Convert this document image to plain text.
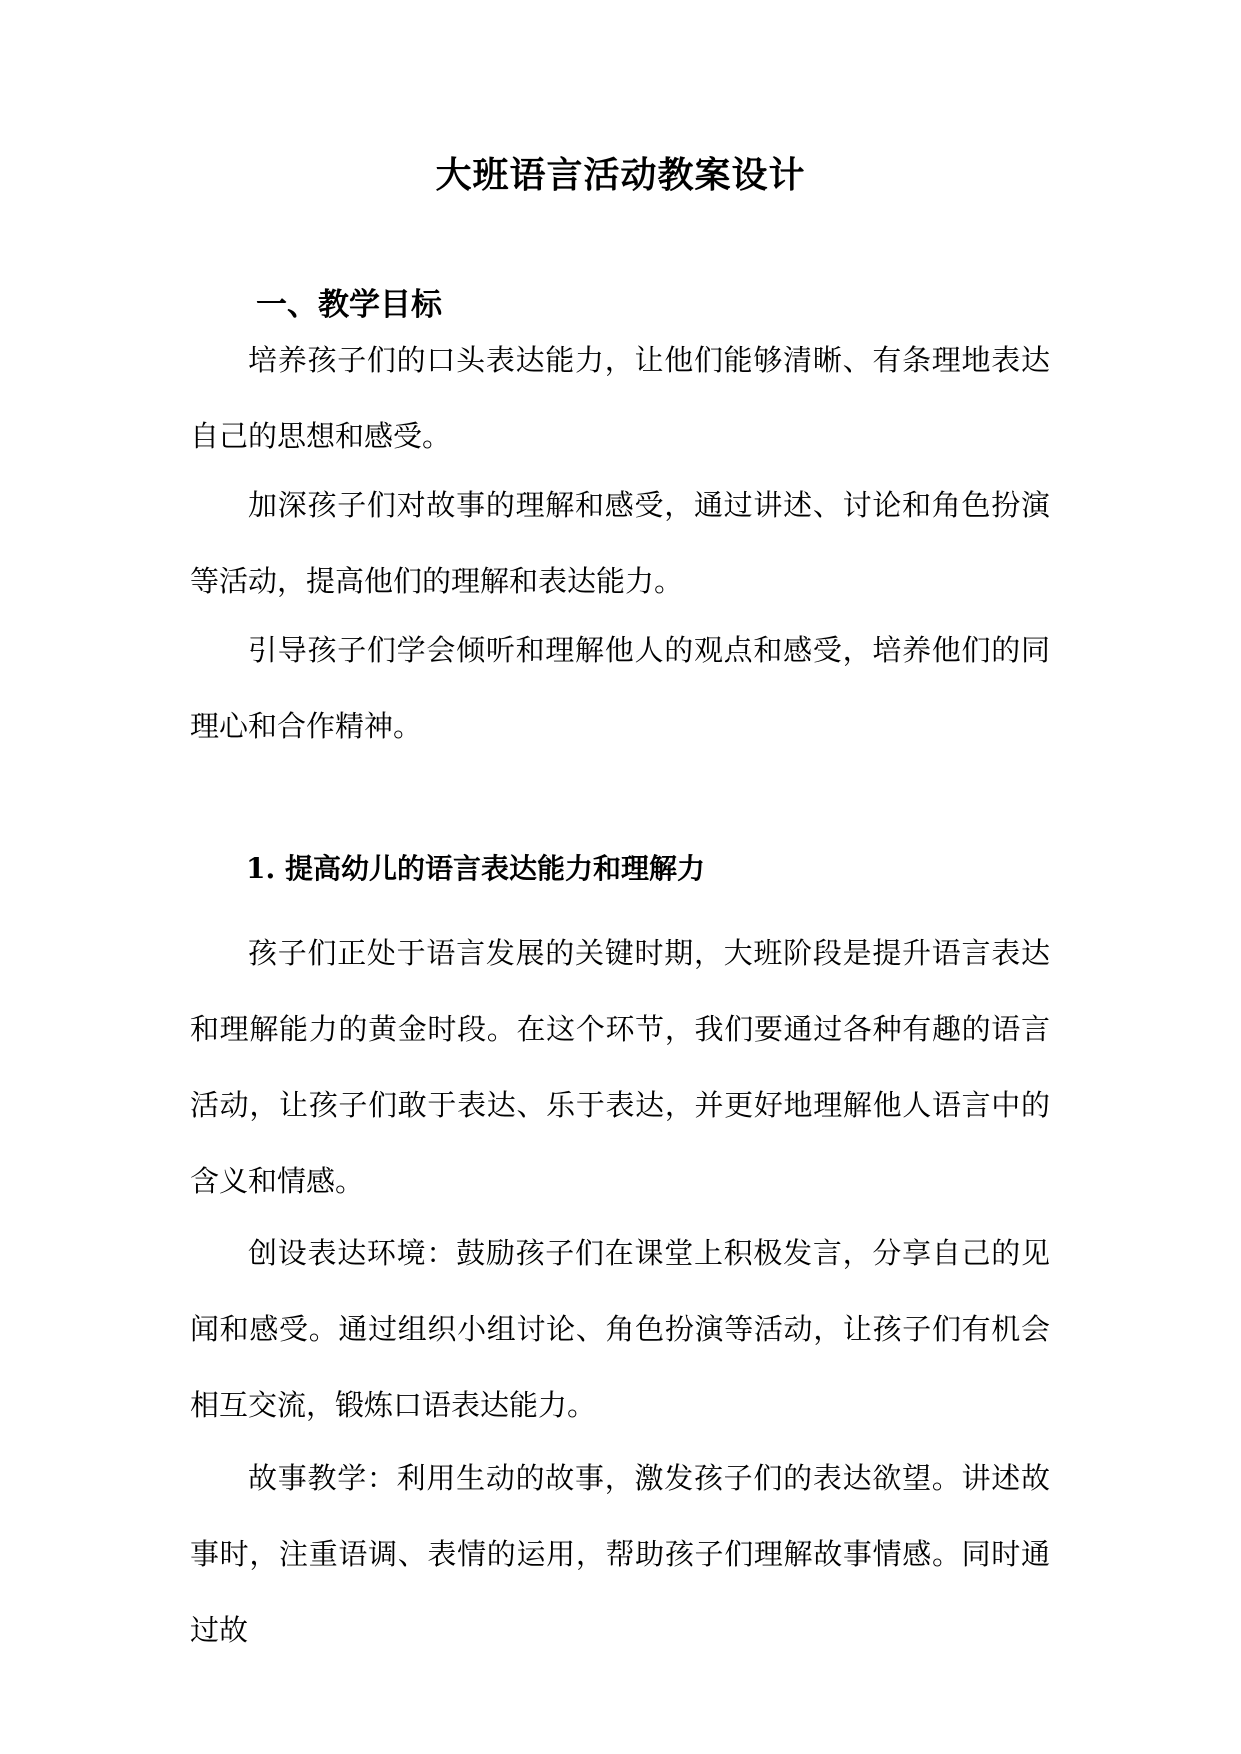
大班语言活动教案设计
一、教学目标

培养孩子们的口头表达能力，让他们能够清晰、有条理地表达自己的思想和感受。

加深孩子们对故事的理解和感受，通过讲述、讨论和角色扮演等活动，提高他们的理解和表达能力。

引导孩子们学会倾听和理解他人的观点和感受，培养他们的同理心和合作精神。

1. 提高幼儿的语言表达能力和理解力

孩子们正处于语言发展的关键时期，大班阶段是提升语言表达和理解能力的黄金时段。在这个环节，我们要通过各种有趣的语言活动，让孩子们敢于表达、乐于表达，并更好地理解他人语言中的含义和情感。

创设表达环境：鼓励孩子们在课堂上积极发言，分享自己的见闻和感受。通过组织小组讨论、角色扮演等活动，让孩子们有机会相互交流，锻炼口语表达能力。

故事教学：利用生动的故事，激发孩子们的表达欲望。讲述故事时，注重语调、表情的运用，帮助孩子们理解故事情感。同时通过故
